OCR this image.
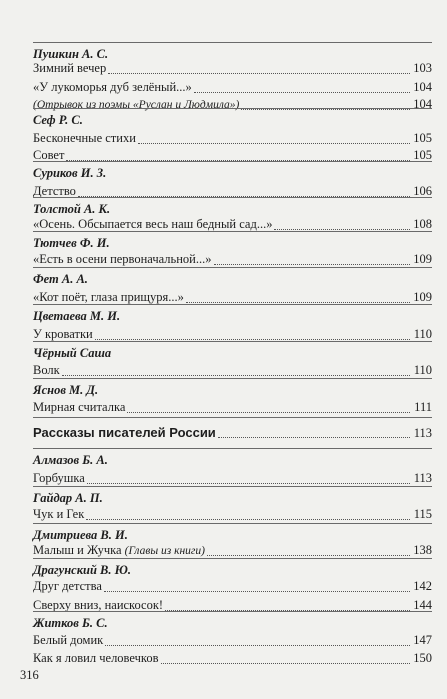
Пушкин А. С.
Зимний вечер	103
«У лукоморья дуб зелёный...»	104
(Отрывок из поэмы «Руслан и Людмила»)	104
Сеф Р. С.
Бесконечные стихи	105
Совет	105
Суриков И. З.
Детство	106
Толстой А. К.
«Осень. Обсыпается весь наш бедный сад...»	108
Тютчев Ф. И.
«Есть в осени первоначальной...»	109
Фет А. А.
«Кот поёт, глаза прищуря...»	109
Цветаева М. И.
У кроватки	110
Чёрный Саша
Волк	110
Яснов М. Д.
Мирная считалка	111
Рассказы писателей России	113
Алмазов Б. А.
Горбушка	113
Гайдар А. П.
Чук и Гек	115
Дмитриева В. И.
Малыш и Жучка (Главы из книги)	138
Драгунский В. Ю.
Друг детства	142
Сверху вниз, наискосок!	144
Житков Б. С.
Белый домик	147
Как я ловил человечков	150
316
